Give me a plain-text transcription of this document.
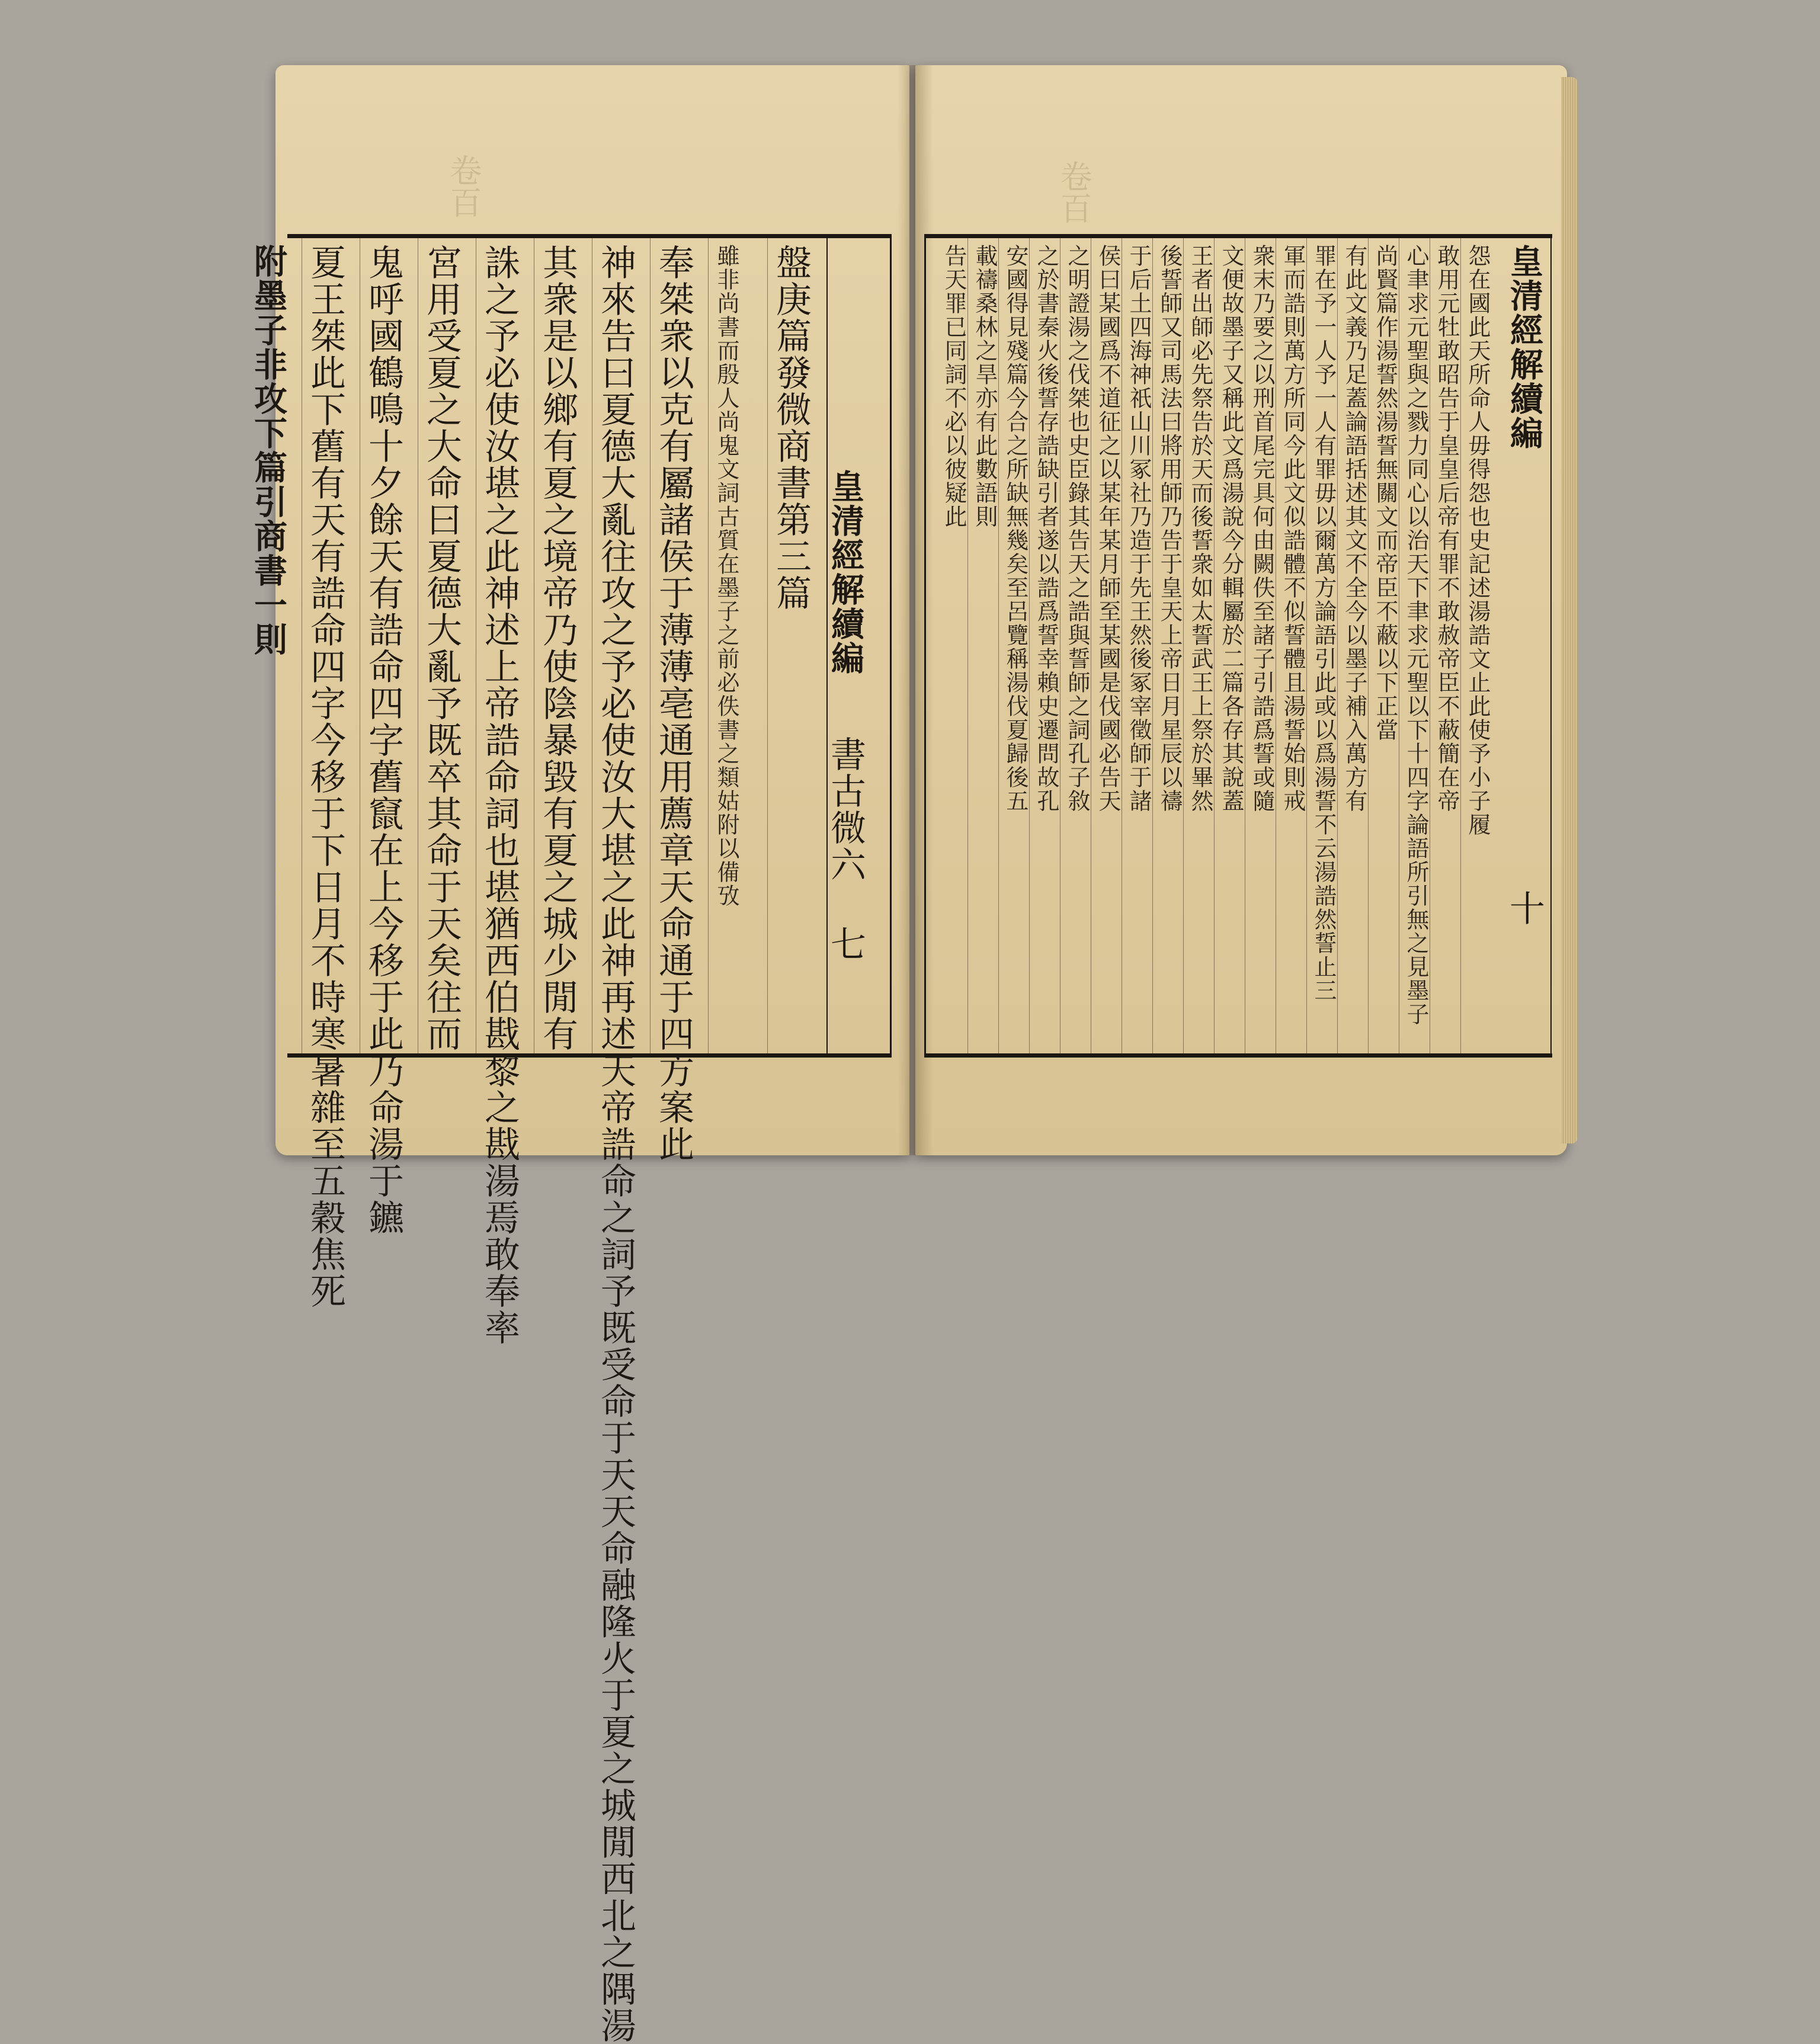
卷百	卷百
皇清經解續編
書古微六
七
盤庚篇發微商書第三篇
雖非尚書而殷人尚鬼文詞古質在墨子之前必佚書之類姑附以備攷
奉桀衆以克有屬諸侯于薄薄亳通用薦章天命通于四方案此
神來告曰夏德大亂往攻之予必使汝大堪之此神再述天帝誥命之詞予既受命于天天命融隆火于夏之城閒西北之隅湯
其衆是以鄉有夏之境帝乃使陰暴毀有夏之城少閒有
誅之予必使汝堪之此神述上帝誥命詞也堪猶西伯戡黎之戡湯焉敢奉率
宮用受夏之大命曰夏德大亂予既卒其命于天矣往而
鬼呼國鶴鳴十夕餘天有誥命四字舊竄在上今移于此乃命湯于鑣
夏王桀此下舊有天有誥命四字今移于下日月不時寒暑雜至五穀焦死
附墨子非攻下篇引商書一則	皇清經解續編
十
怨在國此天所命人毋得怨也史記述湯誥文止此使予小子履
敢用元牡敢昭告于皇皇后帝有罪不敢赦帝臣不蔽簡在帝
心聿求元聖與之戮力同心以治天下聿求元聖以下十四字論語所引無之見墨子
尚賢篇作湯誓然湯誓無關文而帝臣不蔽以下正當
有此文義乃足蓋論語括述其文不全今以墨子補入萬方有
罪在予一人予一人有罪毋以爾萬方論語引此或以爲湯誓不云湯誥然誓止三
軍而誥則萬方所同今此文似誥體不似誓體且湯誓始則戒
衆末乃要之以刑首尾完具何由闕佚至諸子引誥爲誓或隨
文便故墨子又稱此文爲湯說今分輯屬於二篇各存其說蓋
王者出師必先祭告於天而後誓衆如太誓武王上祭於畢然
後誓師又司馬法曰將用師乃告于皇天上帝日月星辰以禱
于后土四海神祇山川冢社乃造于先王然後冢宰徵師于諸
侯曰某國爲不道征之以某年某月師至某國是伐國必告天
之明證湯之伐桀也史臣錄其告天之誥與誓師之詞孔子敘
之於書秦火後誓存誥缺引者遂以誥爲誓幸賴史遷問故孔
安國得見殘篇今合之所缺無幾矣至呂覽稱湯伐夏歸後五
載禱桑林之旱亦有此數語則
告天罪已同詞不必以彼疑此
